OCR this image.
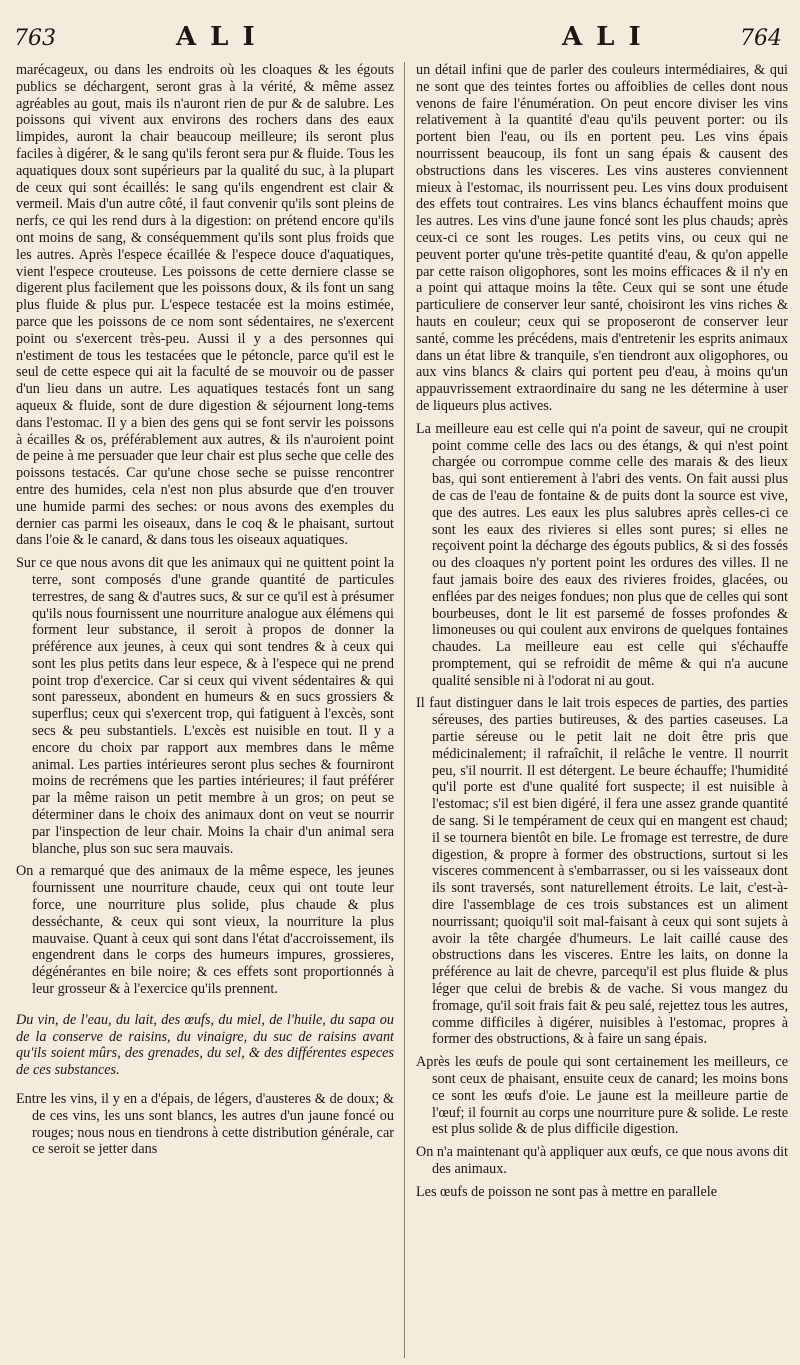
763	ALI	ALI	764

marécageux, ou dans les endroits où les cloaques & les égouts publics se déchargent, seront gras à la vérité, & même assez agréables au gout, mais ils n'auront rien de pur & de salubre. Les poissons qui vivent aux environs des rochers dans des eaux limpides, auront la chair beaucoup meilleure; ils seront plus faciles à digérer, & le sang qu'ils feront sera pur & fluide. Tous les aquatiques doux sont supérieurs par la qualité du suc, à la plupart de ceux qui sont écaillés: le sang qu'ils engendrent est clair & vermeil. Mais d'un autre côté, il faut convenir qu'ils sont pleins de nerfs, ce qui les rend durs à la digestion: on prétend encore qu'ils ont moins de sang, & conséquemment qu'ils sont plus froids que les autres. Après l'espece écaillée & l'espece douce d'aquatiques, vient l'espece crouteuse. Les poissons de cette derniere classe se digerent plus facilement que les poissons doux, & ils font un sang plus fluide & plus pur. L'espece testacée est la moins estimée, parce que les poissons de ce nom sont sédentaires, ne s'exercent point ou s'exercent très-peu. Aussi il y a des personnes qui n'estiment de tous les testacées que le pétoncle, parce qu'il est le seul de cette espece qui ait la faculté de se mouvoir ou de passer d'un lieu dans un autre. Les aquatiques testacés font un sang aqueux & fluide, sont de dure digestion & séjournent long-tems dans l'estomac. Il y a bien des gens qui se font servir les poissons à écailles & os, préférablement aux autres, & ils n'auroient point de peine à me persuader que leur chair est plus seche que celle des poissons testacés. Car qu'une chose seche se puisse rencontrer entre des humides, cela n'est non plus absurde que d'en trouver une humide parmi des seches: or nous avons des exemples du dernier cas parmi les oiseaux, dans le coq & le phaisant, surtout dans l'oie & le canard, & dans tous les oiseaux aquatiques.

Sur ce que nous avons dit que les animaux qui ne quittent point la terre, sont composés d'une grande quantité de particules terrestres, de sang & d'autres sucs, & sur ce qu'il est à présumer qu'ils nous fournissent une nourriture analogue aux élémens qui forment leur substance, il seroit à propos de donner la préférence aux jeunes, à ceux qui sont tendres & à ceux qui sont les plus petits dans leur espece, & à l'espece qui ne prend point trop d'exercice. Car si ceux qui vivent sédentaires & qui sont paresseux, abondent en humeurs & en sucs grossiers & superflus; ceux qui s'exercent trop, qui fatiguent à l'excès, sont secs & peu substantiels. L'excès est nuisible en tout. Il y a encore du choix par rapport aux membres dans le même animal. Les parties intérieures seront plus seches & fourniront moins de recrémens que les parties intérieures; il faut préférer par la même raison un petit membre à un gros; on peut se déterminer dans le choix des animaux dont on veut se nourrir par l'inspection de leur chair. Moins la chair d'un animal sera blanche, plus son suc sera mauvais.

On a remarqué que des animaux de la même espece, les jeunes fournissent une nourriture chaude, ceux qui ont toute leur force, une nourriture plus solide, plus chaude & plus desséchante, & ceux qui sont vieux, la nourriture la plus mauvaise. Quant à ceux qui sont dans l'état d'accroissement, ils engendrent dans le corps des humeurs impures, grossieres, dégénérantes en bile noire; & ces effets sont proportionnés à leur grosseur & à l'exercice qu'ils prennent.

Du vin, de l'eau, du lait, des œufs, du miel, de l'huile, du sapa ou de la conserve de raisins, du vinaigre, du suc de raisins avant qu'ils soient mûrs, des grenades, du sel, & des différentes especes de ces substances.

Entre les vins, il y en a d'épais, de légers, d'austeres & de doux; & de ces vins, les uns sont blancs, les autres d'un jaune foncé ou rouges; nous nous en tiendrons à cette distribution générale, car ce seroit se jetter dans

un détail infini que de parler des couleurs intermédiaires, & qui ne sont que des teintes fortes ou affoiblies de celles dont nous venons de faire l'énumération. On peut encore diviser les vins relativement à la quantité d'eau qu'ils peuvent porter: ou ils portent bien l'eau, ou ils en portent peu. Les vins épais nourrissent beaucoup, ils font un sang épais & causent des obstructions dans les visceres. Les vins austeres conviennent mieux à l'estomac, ils nourrissent peu. Les vins doux produisent des effets tout contraires. Les vins blancs échauffent moins que les autres. Les vins d'une jaune foncé sont les plus chauds; après ceux-ci ce sont les rouges. Les petits vins, ou ceux qui ne peuvent porter qu'une très-petite quantité d'eau, & qu'on appelle par cette raison oligophores, sont les moins efficaces & il n'y en a point qui attaque moins la tête. Ceux qui se sont une étude particuliere de conserver leur santé, choisiront les vins riches & hauts en couleur; ceux qui se proposeront de conserver leur santé, comme les précédens, mais d'entretenir les esprits animaux dans un état libre & tranquile, s'en tiendront aux oligophores, ou aux vins blancs & clairs qui portent peu d'eau, à moins qu'un appauvrissement extraordinaire du sang ne les détermine à user de liqueurs plus actives.

La meilleure eau est celle qui n'a point de saveur, qui ne croupit point comme celle des lacs ou des étangs, & qui n'est point chargée ou corrompue comme celle des marais & des lieux bas, qui sont entierement à l'abri des vents. On fait aussi plus de cas de l'eau de fontaine & de puits dont la source est vive, que des autres. Les eaux les plus salubres après celles-ci ce sont les eaux des rivieres si elles sont pures; si elles ne reçoivent point la décharge des égouts publics, & si des fossés ou des cloaques n'y portent point les ordures des villes. Il ne faut jamais boire des eaux des rivieres froides, glacées, ou enflées par des neiges fondues; non plus que de celles qui sont bourbeuses, dont le lit est parsemé de fosses profondes & limoneuses ou qui coulent aux environs de quelques fontaines chaudes. La meilleure eau est celle qui s'échauffe promptement, qui se refroidit de même & qui n'a aucune qualité sensible ni à l'odorat ni au gout.

Il faut distinguer dans le lait trois especes de parties, des parties séreuses, des parties butireuses, & des parties caseuses. La partie séreuse ou le petit lait ne doit être pris que médicinalement; il rafraîchit, il relâche le ventre. Il nourrit peu, s'il nourrit. Il est détergent. Le beure échauffe; l'humidité qu'il porte est d'une qualité fort suspecte; il est nuisible à l'estomac; s'il est bien digéré, il fera une assez grande quantité de sang. Si le tempérament de ceux qui en mangent est chaud; il se tournera bientôt en bile. Le fromage est terrestre, de dure digestion, & propre à former des obstructions, surtout si les visceres commencent à s'embarrasser, ou si les vaisseaux dont ils sont traversés, sont naturellement étroits. Le lait, c'est-à-dire l'assemblage de ces trois substances est un aliment nourrissant; quoiqu'il soit mal-faisant à ceux qui sont sujets à avoir la tête chargée d'humeurs. Le lait caillé cause des obstructions dans les visceres. Entre les laits, on donne la préférence au lait de chevre, parcequ'il est plus fluide & plus léger que celui de brebis & de vache. Si vous mangez du fromage, qu'il soit frais fait & peu salé, rejettez tous les autres, comme difficiles à digérer, nuisibles à l'estomac, propres à former des obstructions, & à faire un sang épais.

Après les œufs de poule qui sont certainement les meilleurs, ce sont ceux de phaisant, ensuite ceux de canard; les moins bons ce sont les œufs d'oie. Le jaune est la meilleure partie de l'œuf; il fournit au corps une nourriture pure & solide. Le reste est plus solide & de plus difficile digestion.

On n'a maintenant qu'à appliquer aux œufs, ce que nous avons dit des animaux.

Les œufs de poisson ne sont pas à mettre en parallele
